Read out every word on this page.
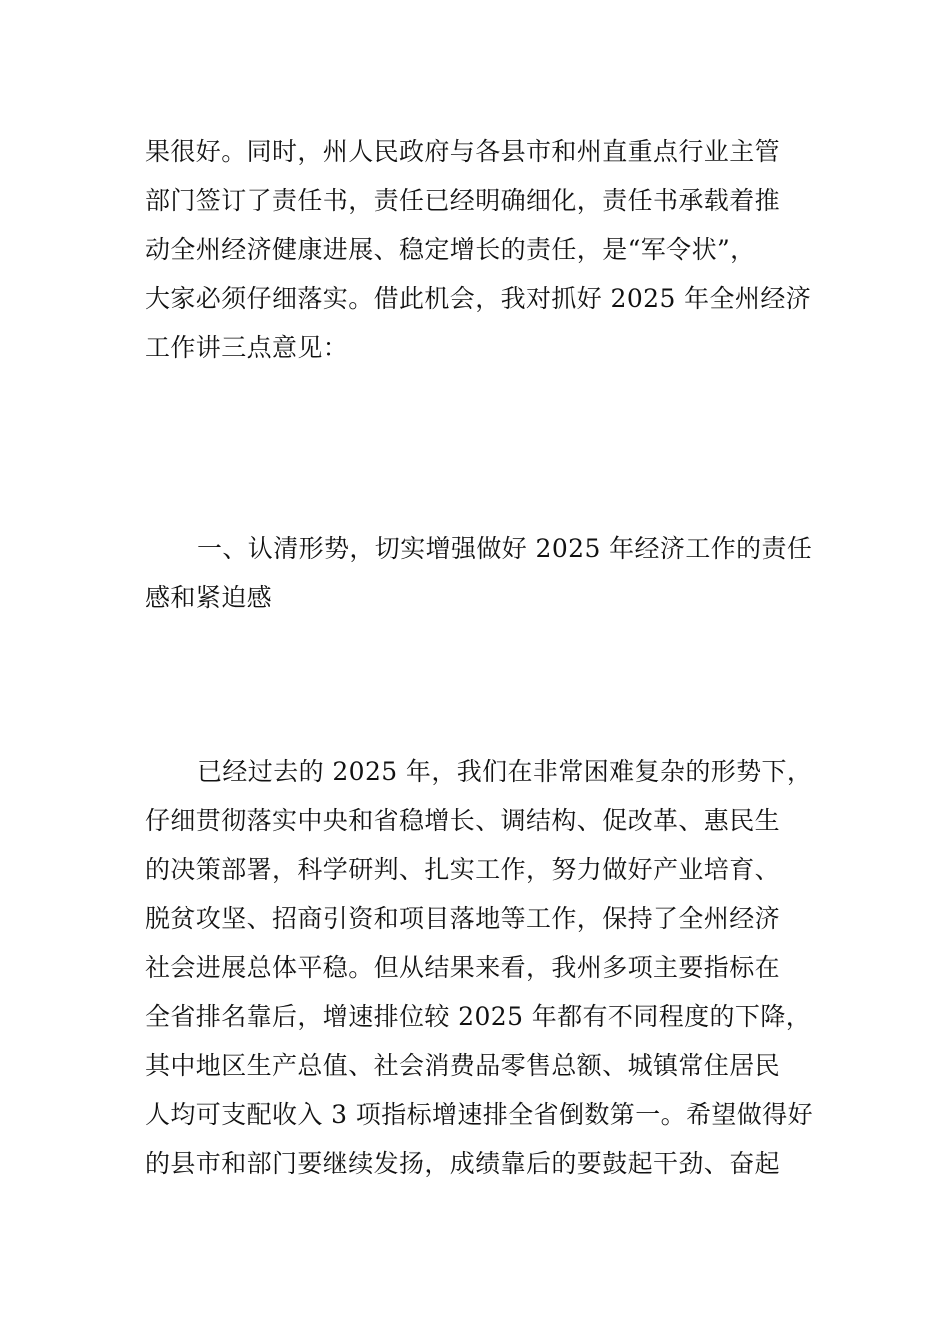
果很好。同时，州人民政府与各县市和州直重点行业主管
部门签订了责任书，责任已经明确细化，责任书承载着推
动全州经济健康进展、稳定增长的责任，是“军令状”，
大家必须仔细落实。借此机会，我对抓好 2025 年全州经济
工作讲三点意见：
一、认清形势，切实增强做好 2025 年经济工作的责任
感和紧迫感
已经过去的 2025 年，我们在非常困难复杂的形势下，
仔细贯彻落实中央和省稳增长、调结构、促改革、惠民生
的决策部署，科学研判、扎实工作，努力做好产业培育、
脱贫攻坚、招商引资和项目落地等工作，保持了全州经济
社会进展总体平稳。但从结果来看，我州多项主要指标在
全省排名靠后，增速排位较 2025 年都有不同程度的下降，
其中地区生产总值、社会消费品零售总额、城镇常住居民
人均可支配收入 3 项指标增速排全省倒数第一。希望做得好
的县市和部门要继续发扬，成绩靠后的要鼓起干劲、奋起
